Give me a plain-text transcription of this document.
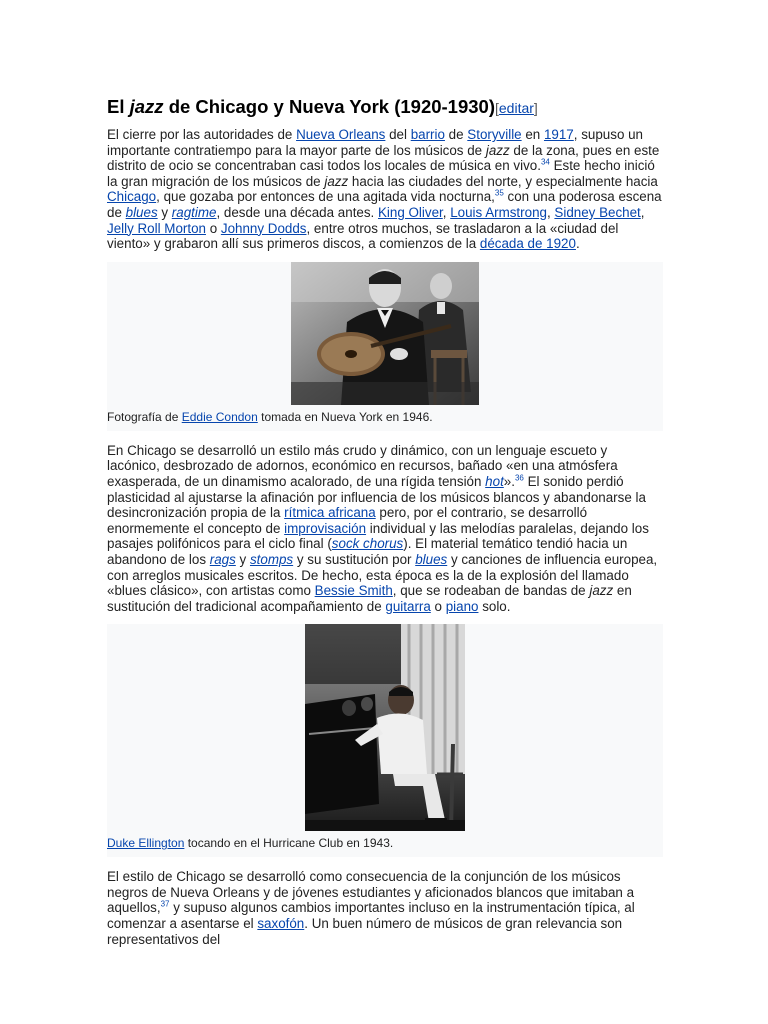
El jazz de Chicago y Nueva York (1920-1930)[editar]

El cierre por las autoridades de Nueva Orleans del barrio de Storyville en 1917, supuso un importante contratiempo para la mayor parte de los músicos de jazz de la zona, pues en este distrito de ocio se concentraban casi todos los locales de música en vivo.$^{34}$ Este hecho inició la gran migración de los músicos de jazz hacia las ciudades del norte, y especialmente hacia Chicago, que gozaba por entonces de una agitada vida nocturna,$^{35}$ con una poderosa escena de blues y ragtime, desde una década antes. King Oliver, Louis Armstrong, Sidney Bechet, Jelly Roll Morton o Johnny Dodds, entre otros muchos, se trasladaron a la «ciudad del viento» y grabaron allí sus primeros discos, a comienzos de la década de 1920.

Fotografía de Eddie Condon tomada en Nueva York en 1946.

En Chicago se desarrolló un estilo más crudo y dinámico, con un lenguaje escueto y lacónico, desbrozado de adornos, económico en recursos, bañado «en una atmósfera exasperada, de un dinamismo acalorado, de una rígida tensión hot».$^{36}$ El sonido perdió plasticidad al ajustarse la afinación por influencia de los músicos blancos y abandonarse la desincronización propia de la rítmica africana pero, por el contrario, se desarrolló enormemente el concepto de improvisación individual y las melodías paralelas, dejando los pasajes polifónicos para el ciclo final (sock chorus). El material temático tendió hacia un abandono de los rags y stomps y su sustitución por blues y canciones de influencia europea, con arreglos musicales escritos. De hecho, esta época es la de la explosión del llamado «blues clásico», con artistas como Bessie Smith, que se rodeaban de bandas de jazz en sustitución del tradicional acompañamiento de guitarra o piano solo.

Duke Ellington tocando en el Hurricane Club en 1943.

El estilo de Chicago se desarrolló como consecuencia de la conjunción de los músicos negros de Nueva Orleans y de jóvenes estudiantes y aficionados blancos que imitaban a aquellos,$^{37}$ y supuso algunos cambios importantes incluso en la instrumentación típica, al comenzar a asentarse el saxofón. Un buen número de músicos de gran relevancia son representativos del
